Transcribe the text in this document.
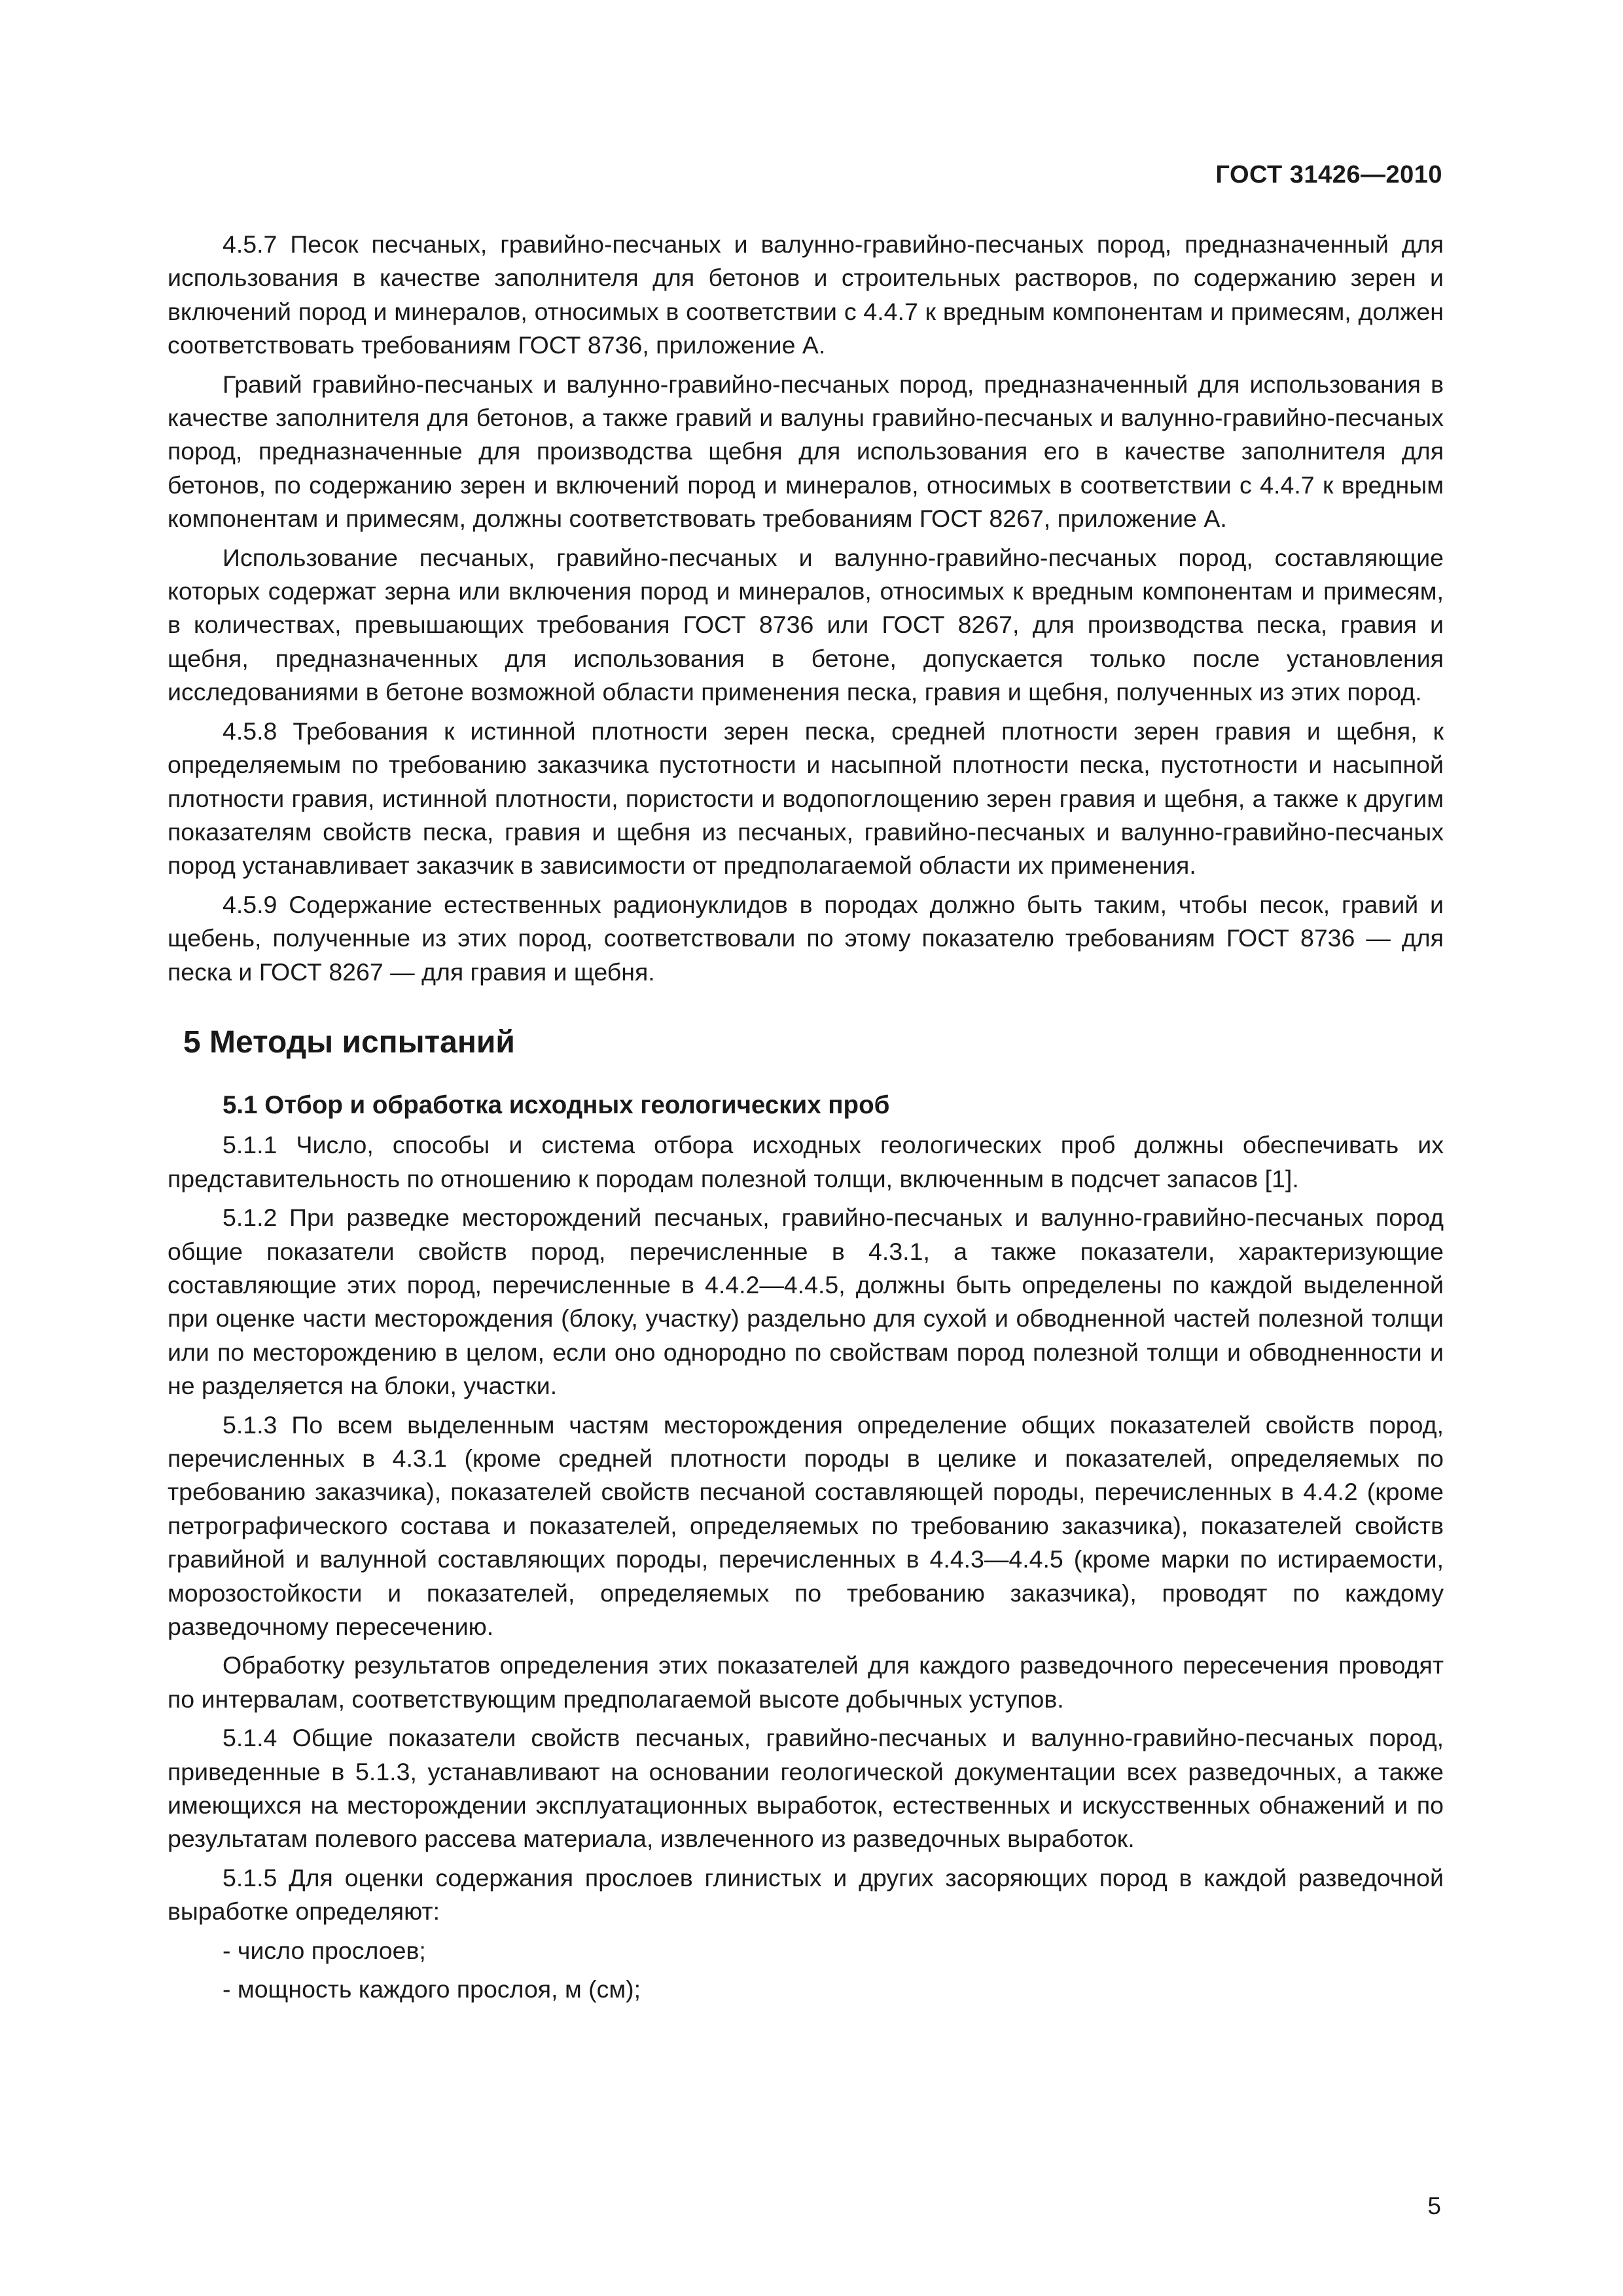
ГОСТ 31426—2010

4.5.7 Песок песчаных, гравийно-песчаных и валунно-гравийно-песчаных пород, предназначенный для использования в качестве заполнителя для бетонов и строительных растворов, по содержанию зерен и включений пород и минералов, относимых в соответствии с 4.4.7 к вредным компонентам и примесям, должен соответствовать требованиям ГОСТ 8736, приложение А.

Гравий гравийно-песчаных и валунно-гравийно-песчаных пород, предназначенный для использования в качестве заполнителя для бетонов, а также гравий и валуны гравийно-песчаных и валунно-гравийно-песчаных пород, предназначенные для производства щебня для использования его в качестве заполнителя для бетонов, по содержанию зерен и включений пород и минералов, относимых в соответствии с 4.4.7 к вредным компонентам и примесям, должны соответствовать требованиям ГОСТ 8267, приложение А.

Использование песчаных, гравийно-песчаных и валунно-гравийно-песчаных пород, составляющие которых содержат зерна или включения пород и минералов, относимых к вредным компонентам и примесям, в количествах, превышающих требования ГОСТ 8736 или ГОСТ 8267, для производства песка, гравия и щебня, предназначенных для использования в бетоне, допускается только после установления исследованиями в бетоне возможной области применения песка, гравия и щебня, полученных из этих пород.

4.5.8 Требования к истинной плотности зерен песка, средней плотности зерен гравия и щебня, к определяемым по требованию заказчика пустотности и насыпной плотности песка, пустотности и насыпной плотности гравия, истинной плотности, пористости и водопоглощению зерен гравия и щебня, а также к другим показателям свойств песка, гравия и щебня из песчаных, гравийно-песчаных и валунно-гравийно-песчаных пород устанавливает заказчик в зависимости от предполагаемой области их применения.

4.5.9 Содержание естественных радионуклидов в породах должно быть таким, чтобы песок, гравий и щебень, полученные из этих пород, соответствовали по этому показателю требованиям ГОСТ 8736 — для песка и ГОСТ 8267 — для гравия и щебня.

5 Методы испытаний
5.1 Отбор и обработка исходных геологических проб

5.1.1 Число, способы и система отбора исходных геологических проб должны обеспечивать их представительность по отношению к породам полезной толщи, включенным в подсчет запасов [1].

5.1.2 При разведке месторождений песчаных, гравийно-песчаных и валунно-гравийно-песчаных пород общие показатели свойств пород, перечисленные в 4.3.1, а также показатели, характеризующие составляющие этих пород, перечисленные в 4.4.2—4.4.5, должны быть определены по каждой выделенной при оценке части месторождения (блоку, участку) раздельно для сухой и обводненной частей полезной толщи или по месторождению в целом, если оно однородно по свойствам пород полезной толщи и обводненности и не разделяется на блоки, участки.

5.1.3 По всем выделенным частям месторождения определение общих показателей свойств пород, перечисленных в 4.3.1 (кроме средней плотности породы в целике и показателей, определяемых по требованию заказчика), показателей свойств песчаной составляющей породы, перечисленных в 4.4.2 (кроме петрографического состава и показателей, определяемых по требованию заказчика), показателей свойств гравийной и валунной составляющих породы, перечисленных в 4.4.3—4.4.5 (кроме марки по истираемости, морозостойкости и показателей, определяемых по требованию заказчика), проводят по каждому разведочному пересечению.

Обработку результатов определения этих показателей для каждого разведочного пересечения проводят по интервалам, соответствующим предполагаемой высоте добычных уступов.

5.1.4 Общие показатели свойств песчаных, гравийно-песчаных и валунно-гравийно-песчаных пород, приведенные в 5.1.3, устанавливают на основании геологической документации всех разведочных, а также имеющихся на месторождении эксплуатационных выработок, естественных и искусственных обнажений и по результатам полевого рассева материала, извлеченного из разведочных выработок.

5.1.5 Для оценки содержания прослоев глинистых и других засоряющих пород в каждой разведочной выработке определяют:

- число прослоев;
- мощность каждого прослоя, м (см);
5
